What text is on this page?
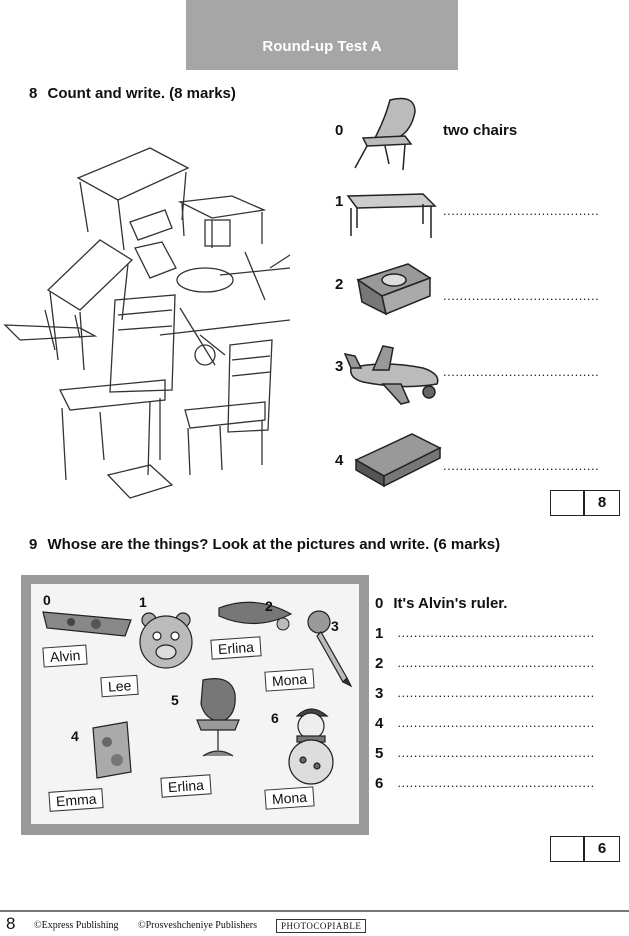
Round-up Test A
8 Count and write. (8 marks)
0	two chairs
1
......................................
2
......................................
3	......................................
4	......................................
8
9 Whose are the things? Look at the pictures and write. (6 marks)
0	1	2
3
4
5
6
Alvin
Lee
Erlina
Mona
Emma
Erlina
Mona
0 It's Alvin's ruler.
1 ................................................
2 ................................................
3 ................................................
4 ................................................
5 ................................................
6 ................................................
6
8 ©Express Publishing ©Prosveshcheniye Publishers	PHOTOCOPIABLE
